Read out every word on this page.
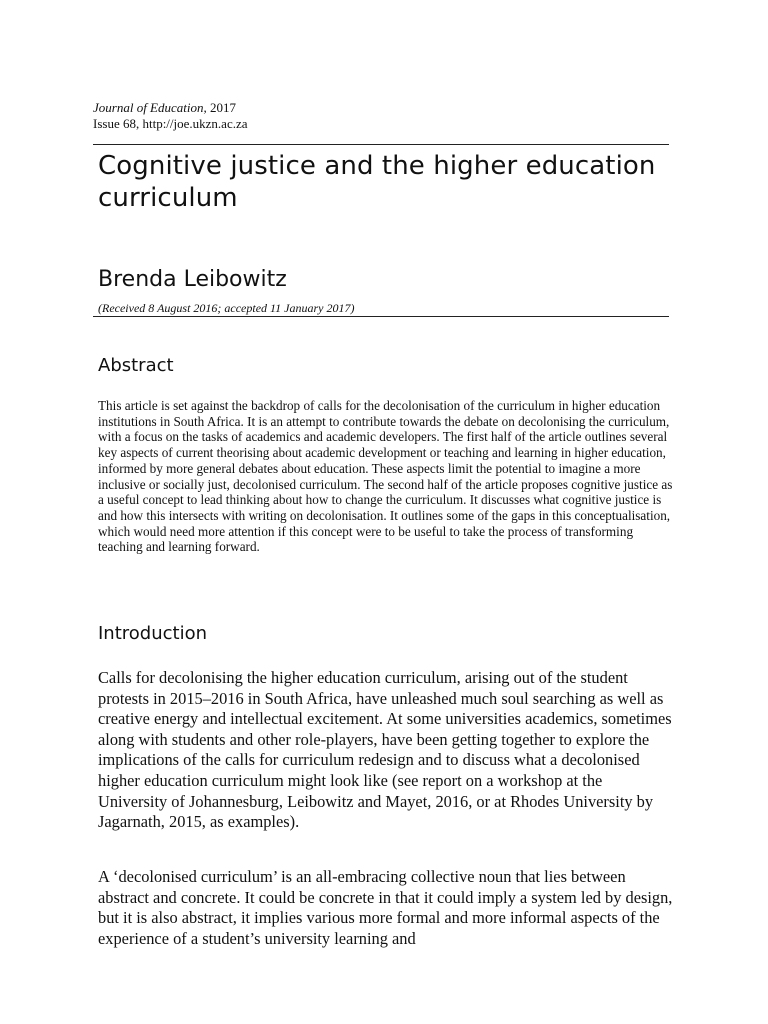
Journal of Education, 2017
Issue 68, http://joe.ukzn.ac.za
Cognitive justice and the higher education curriculum
Brenda Leibowitz
(Received 8 August 2016; accepted 11 January 2017)
Abstract

This article is set against the backdrop of calls for the decolonisation of the curriculum in higher education institutions in South Africa. It is an attempt to contribute towards the debate on decolonising the curriculum, with a focus on the tasks of academics and academic developers. The first half of the article outlines several key aspects of current theorising about academic development or teaching and learning in higher education, informed by more general debates about education. These aspects limit the potential to imagine a more inclusive or socially just, decolonised curriculum. The second half of the article proposes cognitive justice as a useful concept to lead thinking about how to change the curriculum. It discusses what cognitive justice is and how this intersects with writing on decolonisation. It outlines some of the gaps in this conceptualisation, which would need more attention if this concept were to be useful to take the process of transforming teaching and learning forward.

Introduction

Calls for decolonising the higher education curriculum, arising out of the student protests in 2015–2016 in South Africa, have unleashed much soul searching as well as creative energy and intellectual excitement. At some universities academics, sometimes along with students and other role-players, have been getting together to explore the implications of the calls for curriculum redesign and to discuss what a decolonised higher education curriculum might look like (see report on a workshop at the University of Johannesburg, Leibowitz and Mayet, 2016, or at Rhodes University by Jagarnath, 2015, as examples).

A ‘decolonised curriculum’ is an all-embracing collective noun that lies between abstract and concrete. It could be concrete in that it could imply a system led by design, but it is also abstract, it implies various more formal and more informal aspects of the experience of a student’s university learning and
